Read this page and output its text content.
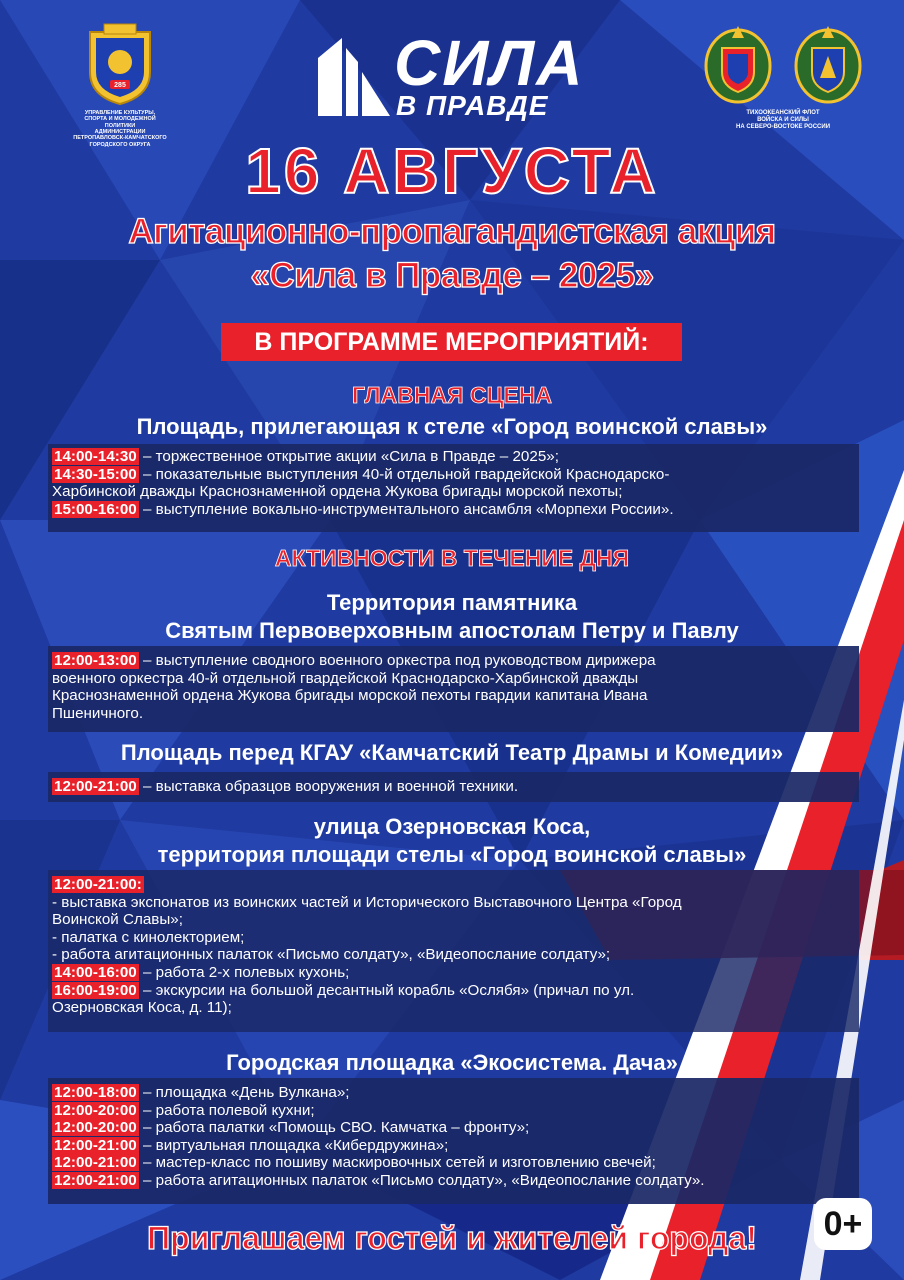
285
УПРАВЛЕНИЕ КУЛЬТУРЫ,
СПОРТА И МОЛОДЕЖНОЙ ПОЛИТИКИ
АДМИНИСТРАЦИИ ПЕТРОПАВЛОВСК-КАМЧАТСКОГО
ГОРОДСКОГО ОКРУГА
СИЛА
В ПРАВДЕ	ТИХООКЕАНСКИЙ ФЛОТ
ВОЙСКА И СИЛЫ
НА СЕВЕРО-ВОСТОКЕ РОССИИ
16 АВГУСТА
Агитационно-пропагандистская акция
«Сила в Правде – 2025»
В ПРОГРАММЕ МЕРОПРИЯТИЙ:
ГЛАВНАЯ СЦЕНА
Площадь, прилегающая к стеле «Город воинской славы»
14:00-14:30 – торжественное открытие акции «Сила в Правде – 2025»;
14:30-15:00 – показательные выступления 40-й отдельной гвардейской Краснодарско-
Харбинской дважды Краснознаменной ордена Жукова бригады морской пехоты;
15:00-16:00 – выступление вокально-инструментального ансамбля «Морпехи России».
АКТИВНОСТИ В ТЕЧЕНИЕ ДНЯ
Территория памятника
Святым Первоверховным апостолам Петру и Павлу
12:00-13:00 – выступление сводного военного оркестра под руководством дирижера
военного оркестра 40-й отдельной гвардейской Краснодарско-Харбинской дважды
Краснознаменной ордена Жукова бригады морской пехоты гвардии капитана Ивана
Пшеничного.
Площадь перед КГАУ «Камчатский Театр Драмы и Комедии»
12:00-21:00 – выставка образцов вооружения и военной техники.
улица Озерновская Коса,
территория площади стелы «Город воинской славы»
12:00-21:00:
- выставка экспонатов из воинских частей и Исторического Выставочного Центра «Город
Воинской Славы»;
- палатка с кинолекторием;
- работа агитационных палаток «Письмо солдату», «Видеопослание солдату»;
14:00-16:00 – работа 2-х полевых кухонь;
16:00-19:00 – экскурсии на большой десантный корабль «Ослябя» (причал по ул.
Озерновская Коса, д. 11);
Городская площадка «Экосистема. Дача»
12:00-18:00 – площадка «День Вулкана»;
12:00-20:00 – работа полевой кухни;
12:00-20:00 – работа палатки «Помощь СВО. Камчатка – фронту»;
12:00-21:00 – виртуальная площадка «Кибердружина»;
12:00-21:00 – мастер-класс по пошиву маскировочных сетей и изготовлению свечей;
12:00-21:00 – работа агитационных палаток «Письмо солдату», «Видеопослание солдату».
Приглашаем гостей и жителей города!	0+
